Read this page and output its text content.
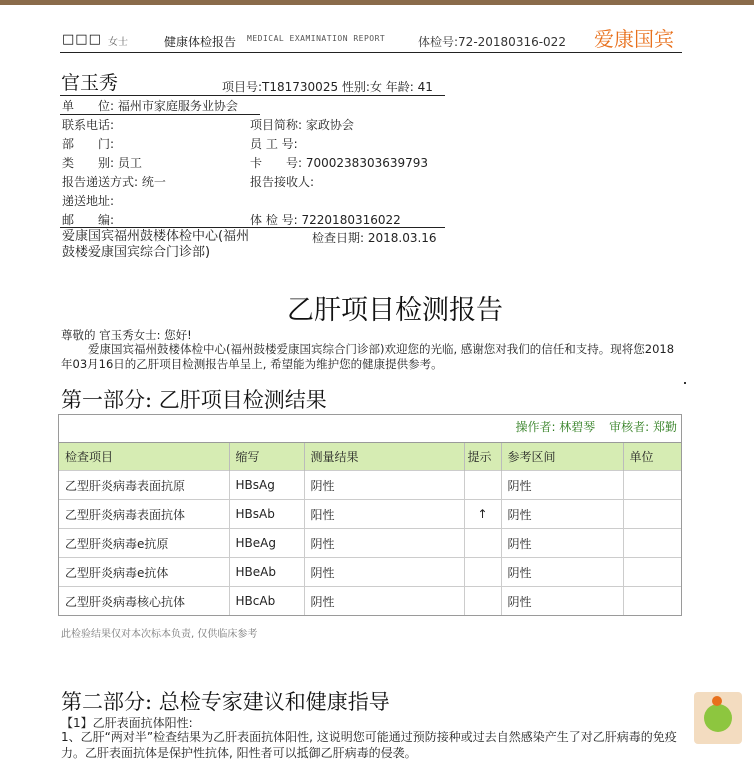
□□□ 女士	健康体检报告 MEDICAL EXAMINATION REPORT	体检号:72-20180316-022 爱康国宾
官玉秀	项目号:T181730025 性别:女 年龄: 41
单　　位: 福州市家庭服务业协会
联系电话:	项目简称: 家政协会
部　　门:	员 工 号:
类　　别: 员工	卡　　号: 7000238303639793
报告递送方式: 统一	报告接收人:
递送地址:
邮　　编:	体 检 号: 7220180316022
爱康国宾福州鼓楼体检中心(福州鼓楼爱康国宾综合门诊部)
检查日期: 2018.03.16
乙肝项目检测报告
尊敬的 官玉秀女士: 您好!
爱康国宾福州鼓楼体检中心(福州鼓楼爱康国宾综合门诊部)欢迎您的光临, 感谢您对我们的信任和支持。现将您2018年03月16日的乙肝项目检测报告单呈上, 希望能为维护您的健康提供参考。
第一部分: 乙肝项目检测结果
操作者: 林碧琴 审核者: 郑勤
检查项目	缩写	测量结果	提示	参考区间	单位
乙型肝炎病毒表面抗原	HBsAg	阴性		阴性	
乙型肝炎病毒表面抗体	HBsAb	阳性	↑	阴性	
乙型肝炎病毒e抗原	HBeAg	阴性		阴性	
乙型肝炎病毒e抗体	HBeAb	阴性		阴性	
乙型肝炎病毒核心抗体	HBcAb	阴性		阴性	
此检验结果仅对本次标本负责, 仅供临床参考
第二部分: 总检专家建议和健康指导
【1】乙肝表面抗体阳性:
1、乙肝“两对半”检查结果为乙肝表面抗体阳性, 这说明您可能通过预防接种或过去自然感染产生了对乙肝病毒的免疫力。乙肝表面抗体是保护性抗体, 阳性者可以抵御乙肝病毒的侵袭。
